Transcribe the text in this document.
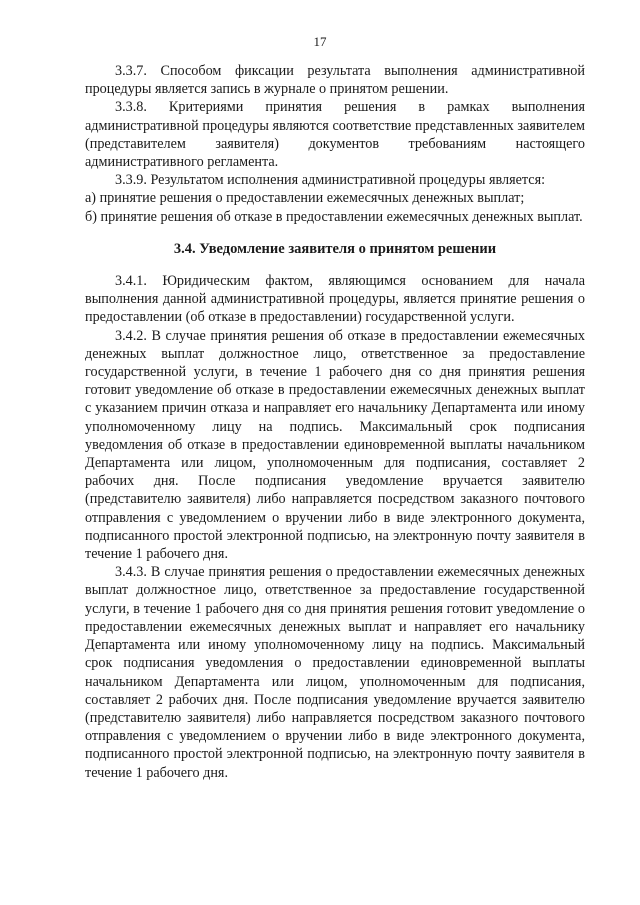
17

3.3.7. Способом фиксации результата выполнения административной процедуры является запись в журнале о принятом решении.

3.3.8. Критериями принятия решения в рамках выполнения административной процедуры являются соответствие представленных заявителем (представителем заявителя) документов требованиям настоящего административного регламента.

3.3.9. Результатом исполнения административной процедуры является:

а) принятие решения о предоставлении ежемесячных денежных выплат;

б) принятие решения об отказе в предоставлении ежемесячных денежных выплат.

3.4. Уведомление заявителя о принятом решении

3.4.1. Юридическим фактом, являющимся основанием для начала выполнения данной административной процедуры, является принятие решения о предоставлении (об отказе в предоставлении) государственной услуги.

3.4.2. В случае принятия решения об отказе в предоставлении ежемесячных денежных выплат должностное лицо, ответственное за предоставление государственной услуги, в течение 1 рабочего дня со дня принятия решения готовит уведомление об отказе в предоставлении ежемесячных денежных выплат с указанием причин отказа и направляет его начальнику Департамента или иному уполномоченному лицу на подпись. Максимальный срок подписания уведомления об отказе в предоставлении единовременной выплаты начальником Департамента или лицом, уполномоченным для подписания, составляет 2 рабочих дня. После подписания уведомление вручается заявителю (представителю заявителя) либо направляется посредством заказного почтового отправления с уведомлением о вручении либо в виде электронного документа, подписанного простой электронной подписью, на электронную почту заявителя в течение 1 рабочего дня.

3.4.3. В случае принятия решения о предоставлении ежемесячных денежных выплат должностное лицо, ответственное за предоставление государственной услуги, в течение 1 рабочего дня со дня принятия решения готовит уведомление о предоставлении ежемесячных денежных выплат и направляет его начальнику Департамента или иному уполномоченному лицу на подпись. Максимальный срок подписания уведомления о предоставлении единовременной выплаты начальником Департамента или лицом, уполномоченным для подписания, составляет 2 рабочих дня. После подписания уведомление вручается заявителю (представителю заявителя) либо направляется посредством заказного почтового отправления с уведомлением о вручении либо в виде электронного документа, подписанного простой электронной подписью, на электронную почту заявителя в течение 1 рабочего дня.
